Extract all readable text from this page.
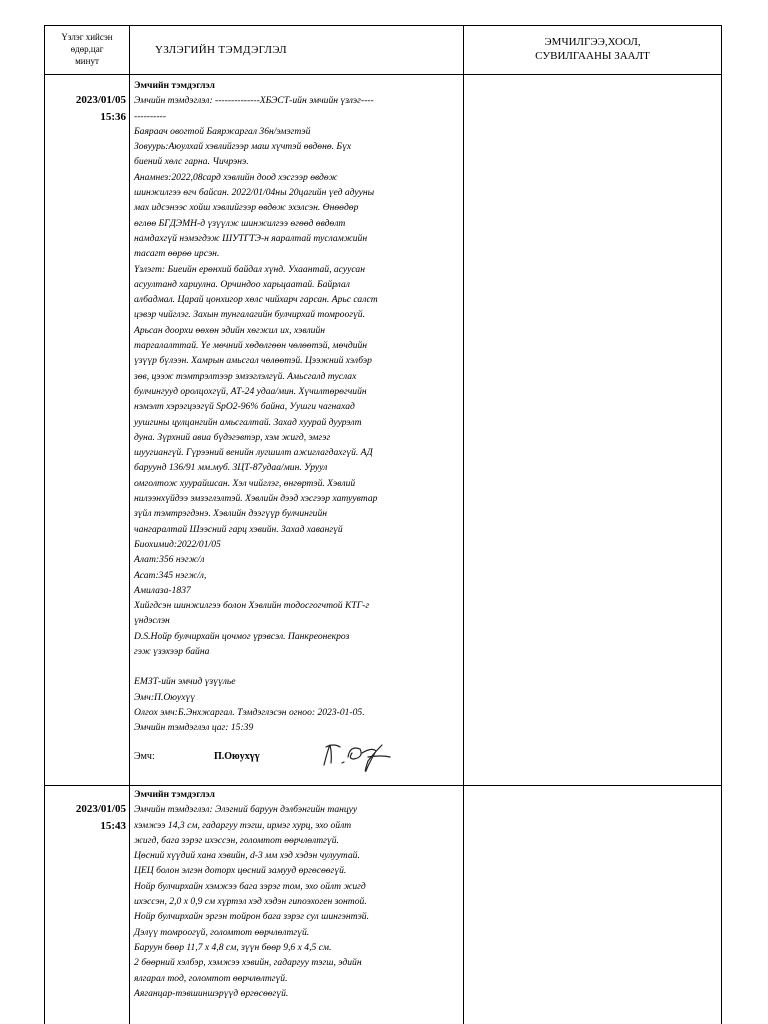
Үзлэг хийсэн
өдөр,цаг
минут
ҮЗЛЭГИЙН ТЭМДЭГЛЭЛ
ЭМЧИЛГЭЭ,ХООЛ,
СУВИЛГААНЫ ЗААЛТ
2023/01/05
15:36
Эмчийн тэмдэглэл
Эмчийн тэмдэглэл: --------------ХБЭСТ-ийн эмчийн үзлэг----
----------
Баяраач овогтой Баяржаргал 36н/эмэгтэй
Зовуурь:Аюулхай хэвлийгээр маш хүчтэй өвдөнө. Бүх
биений хөлс гарна. Чичрэнэ.
Анамнез:2022,08сард хэвлийн доод хэсгээр өвдөж
шинжилгээ өгч байсан. 2022/01/04ны 20цагийн үед адууны
мах идсэнээс хойш хэвлийгээр өвдөж эхэлсэн. Өнөөдөр
өглөө БГДЭМН-д үзүүлж шинжилгээ өгөөд өвдөлт
намдахгүй нэмэгдэж ШУТГТЭ-н яаралтай тусламжийн
тасагт өөрөө ирсэн.
Үзлэгт: Биеийн ерөнхий байдал хүнд. Ухаантай, асуусан
асуултанд хариулна. Орчиндоо харьцаатай. Байрлал
албадмал. Царай цонхигор хөлс чийхарч гарсан. Арьс салст
цэвэр чийглэг. Захын тунгалагийн булчирхай томроогүй.
Арьсан доорхи өөхөн эдийн хөгжил их, хэвлийн
таргалалттай. Үе мөчний хөдөлгөөн чөлөөтэй, мөчдийн
үзүүр бүлээн. Хамрын амьсгал чөлөөтэй. Цээжний хэлбэр
зөв, цээж тэмтрэлтээр эмзэглэлгүй. Амьсгалд туслах
булчингууд оролцохгүй, АТ-24 удаа/мин. Хүчилтөрөгчийн
нэмэлт хэрэгцээгүй SpO2-96% байна, Уушги чагнахад
уушгины цулцангийн амьсгалтай. Захад хуурай дуурэлт
дуна. Зүрхний авиа бүдэгэвтэр, хэм жигд, эмгэг
шуугиангүй. Гүрээний венийн лугшилт ажиглагдахгүй. АД
баруунд 136/91 мм.муб. ЗЦТ-87удаа/мин. Уруул
омголтож хуурайшсан. Хэл чийглэг, өнгөртэй. Хэвлий
нилээнхүйдээ эмзэглэлтэй. Хэвлийн дээд хэсгээр хатуувтар
зүйл тэмтрэгдэнэ. Хэвлийн дээгүүр булчингийн
чангаралтай Шээсний гарц хэвийн. Захад хавангүй
Биохимид:2022/01/05
Алат:356 нэгж/л
Асат:345 нэгж/л,
Амилаза-1837
Хийгдсэн шинжилгээ болон Хэвлийн тодосгогчтой КТГ-г
үндэслэн
D.S.Нойр булчирхайн цочмог үрэвсэл. Панкреонекроз
гэж үзэхээр байна
ЕМЗТ-ийн эмчид үзүүлье
Эмч:П.Оюухүү
Олгох эмч:Б.Энхжаргал. Тэмдэглэсэн огноо: 2023-01-05.
Эмчийн тэмдэглэл цаг: 15:39
Эмч:	П.Оюухүү
2023/01/05
15:43
Эмчийн тэмдэглэл
Эмчийн тэмдэглэл: Элэгний баруун дэлбэнгийн танцуу
хэмжээ 14,3 см, гадаргуу тэгш, ирмэг хурц, эхо ойлт
жигд, бага зэрэг ихэссэн, голомтот өөрчлөлтгүй.
Цөсний хүүдий хана хэвийн, d-3 мм хэд хэдэн чулуутай.
ЦЕЦ болон элгэн доторх цөсний замууд өргөсөөгүй.
Нойр булчирхайн хэмжээ бага зэрэг том, эхо ойлт жигд
ихэссэн, 2,0 x 0,9 см хүртэл хэд хэдэн гипоэхоген зонтой.
Нойр булчирхайн эргэн тойрон бага зэрэг сул шингэнтэй.
Дэлүү томроогүй, голомтот өөрчлөлтгүй.
Баруун бөөр 11,7 x 4,8 см, зүүн бөөр 9,6 x 4,5 см.
2 бөөрний хэлбэр, хэмжээ хэвийн, гадаргуу тэгш, эдийн
ялгарал тод, голомтот өөрчлөлтгүй.
Аяганцар-тэвшиншэрүүд өргөсөөгүй.
